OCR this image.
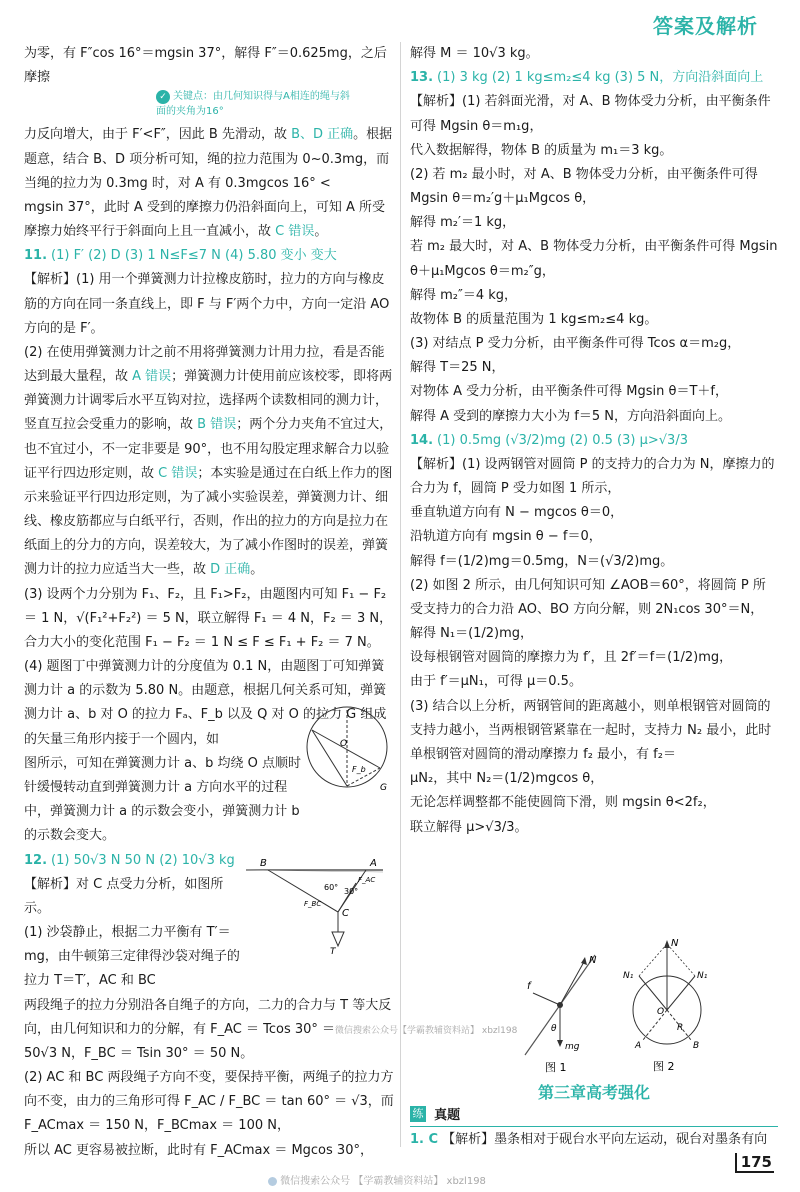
答案及解析

为零，有 F″cos 16°＝mgsin 37°，解得 F″＝0.625mg，之后摩擦

✓ 关键点：由几何知识得与A相连的绳与斜面的夹角为16°

力反向增大，由于 F′<F″，因此 B 先滑动，故 B、D 正确。根据

题意，结合 B、D 项分析可知，绳的拉力范围为 0~0.3mg，而

当绳的拉力为 0.3mg 时，对 A 有 0.3mgcos 16° <

mgsin 37°，此时 A 受到的摩擦力仍沿斜面向上，可知 A 所受

摩擦力始终平行于斜面向上且一直减小，故 C 错误。

11. (1) F′ (2) D (3) 1 N≤F≤7 N (4) 5.80 变小 变大

【解析】(1) 用一个弹簧测力计拉橡皮筋时，拉力的方向与橡皮筋的方向在同一条直线上，即 F 与 F′两个力中，方向一定沿 AO 方向的是 F′。

(2) 在使用弹簧测力计之前不用将弹簧测力计用力拉，看是否能达到最大量程，故 A 错误；弹簧测力计使用前应该校零，即将两弹簧测力计调零后水平互钩对拉，选择两个读数相同的测力计，竖直互拉会受重力的影响，故 B 错误；两个分力夹角不宜过大，也不宜过小，不一定非要是 90°，也不用勾股定理求解合力以验证平行四边形定则，故 C 错误；本实验是通过在白纸上作力的图示来验证平行四边形定则，为了减小实验误差，弹簧测力计、细线、橡皮筋都应与白纸平行，否则，作出的拉力的方向是拉力在纸面上的分力的方向，误差较大，为了减小作图时的误差，弹簧测力计的拉力应适当大一些，故 D 正确。

(3) 设两个力分别为 F₁、F₂，且 F₁>F₂，由题图内可知 F₁ − F₂ ＝ 1 N，√(F₁²+F₂²) ＝ 5 N，联立解得 F₁ ＝ 4 N，F₂ ＝ 3 N，合力大小的变化范围 F₁ − F₂ ＝ 1 N ≤ F ≤ F₁ + F₂ ＝ 7 N。

(4) 题图丁中弹簧测力计的分度值为 0.1 N，由题图丁可知弹簧测力计 a 的示数为 5.80 N。由题意，根据几何关系可知，弹簧测力计 a、b 对 O 的拉力 Fₐ、F_b 以及 Q 对 O 的拉力 G 组成的矢量三角形内接于一个圆内，如

图所示，可知在弹簧测力计 a、b 均绕 O 点顺时针缓慢转动直到弹簧测力计 a 方向水平的过程中，弹簧测力计 a 的示数会变小，弹簧测力计 b 的示数会变大。

12. (1) 50√3 N 50 N (2) 10√3 kg

【解析】对 C 点受力分析，如图所示。

(1) 沙袋静止，根据二力平衡有 T′＝mg，由牛顿第三定律得沙袋对绳子的拉力 T＝T′，AC 和 BC

两段绳子的拉力分别沿各自绳子的方向，二力的合力与 T 等大反向，由几何知识和力的分解，有 F_AC ＝ Tcos 30° ＝

50√3 N，F_BC ＝ Tsin 30° ＝ 50 N。

(2) AC 和 BC 两段绳子方向不变，要保持平衡，两绳子的拉力方向不变，由力的三角形可得 F_AC / F_BC ＝ tan 60° ＝ √3，而

F_ACmax ＝ 150 N，F_BCmax ＝ 100 N，

所以 AC 更容易被拉断，此时有 F_ACmax ＝ Mgcos 30°，

O
F_b
G
B	A
C
F_BC
F_AC
60° 30°
T

解得 M ＝ 10√3 kg。

13. (1) 3 kg (2) 1 kg≤m₂≤4 kg (3) 5 N，方向沿斜面向上

【解析】(1) 若斜面光滑，对 A、B 物体受力分析，由平衡条件可得 Mgsin θ＝m₁g，

代入数据解得，物体 B 的质量为 m₁＝3 kg。

(2) 若 m₂ 最小时，对 A、B 物体受力分析，由平衡条件可得 Mgsin θ＝m₂′g＋μ₁Mgcos θ，

解得 m₂′＝1 kg，

若 m₂ 最大时，对 A、B 物体受力分析，由平衡条件可得 Mgsin θ＋μ₁Mgcos θ＝m₂″g，

解得 m₂″＝4 kg，

故物体 B 的质量范围为 1 kg≤m₂≤4 kg。

(3) 对结点 P 受力分析，由平衡条件可得 Tcos α＝m₂g，

解得 T＝25 N，

对物体 A 受力分析，由平衡条件可得 Mgsin θ＝T＋f，

解得 A 受到的摩擦力大小为 f＝5 N，方向沿斜面向上。

14. (1) 0.5mg (√3/2)mg (2) 0.5 (3) μ>√3/3

【解析】(1) 设两钢管对圆筒 P 的支持力的合力为 N，摩擦力的合力为 f，圆筒 P 受力如图 1 所示，

垂直轨道方向有 N − mgcos θ＝0，

沿轨道方向有 mgsin θ − f＝0，

解得 f＝(1/2)mg＝0.5mg，N＝(√3/2)mg。

(2) 如图 2 所示，由几何知识可知 ∠AOB＝60°，将圆筒 P 所受支持力的合力沿 AO、BO 方向分解，则 2N₁cos 30°＝N，

解得 N₁＝(1/2)mg，

设每根钢管对圆筒的摩擦力为 f′，且 2f′＝f＝(1/2)mg，

由于 f′＝μN₁，可得 μ＝0.5。

(3) 结合以上分析，两钢管间的距离越小，则单根钢管对圆筒的支持力越小，当两根钢管紧靠在一起时，支持力 N₂ 最小，此时单根钢管对圆筒的滑动摩擦力 f₂ 最小，有 f₂＝

μN₂，其中 N₂＝(1/2)mgcos θ，

无论怎样调整都不能使圆筒下滑，则 mgsin θ<2f₂，

联立解得 μ>√3/3。

N
f
θ
mg
图 1
N
N₁	N₁
O
A	B
R
图 2
第三章高考强化
练 真题
1. C 【解析】墨条相对于砚台水平向左运动，砚台对墨条有向
175
微信搜索公众号【学霸教辅资料站】 xbzl198
微信搜索公众号 【学霸教辅资料站】 xbzl198
